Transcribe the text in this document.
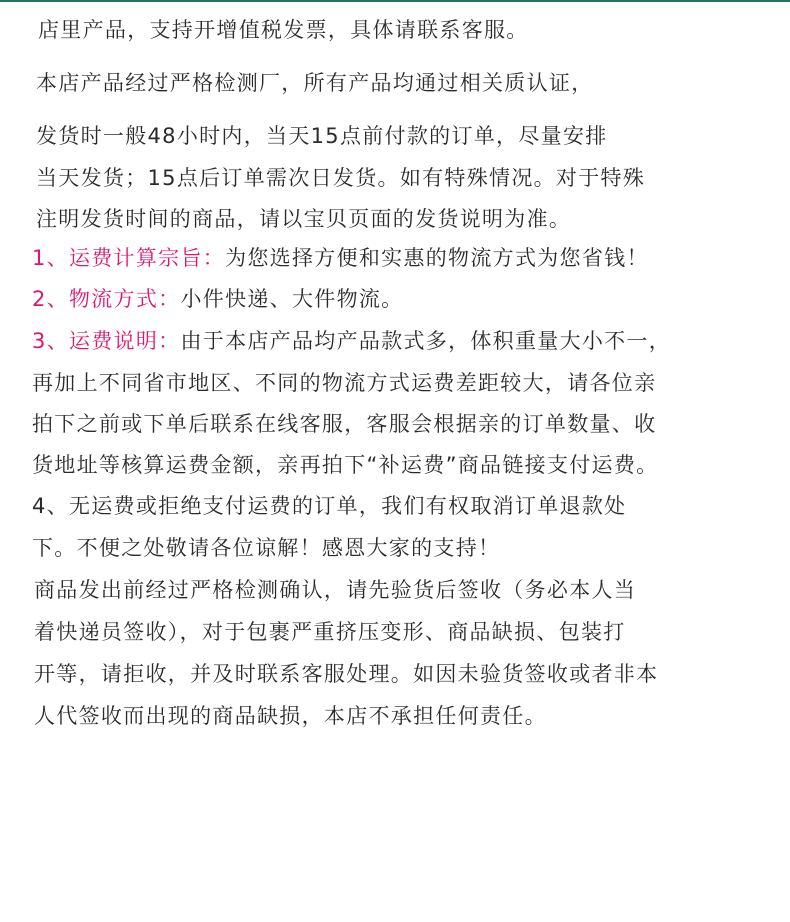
店里产品，支持开增值税发票，具体请联系客服。
本店产品经过严格检测厂，所有产品均通过相关质认证，
发货时一般48小时内，当天15点前付款的订单，尽量安排
当天发货；15点后订单需次日发货。如有特殊情况。对于特殊
注明发货时间的商品，请以宝贝页面的发货说明为准。
1、运费计算宗旨：为您选择方便和实惠的物流方式为您省钱！
2、物流方式：小件快递、大件物流。
3、运费说明：由于本店产品均产品款式多，体积重量大小不一，
再加上不同省市地区、不同的物流方式运费差距较大，请各位亲
拍下之前或下单后联系在线客服，客服会根据亲的订单数量、收
货地址等核算运费金额，亲再拍下“补运费”商品链接支付运费。
4、无运费或拒绝支付运费的订单，我们有权取消订单退款处
下。不便之处敬请各位谅解！感恩大家的支持！
商品发出前经过严格检测确认，请先验货后签收（务必本人当
着快递员签收），对于包裹严重挤压变形、商品缺损、包装打
开等，请拒收，并及时联系客服处理。如因未验货签收或者非本
人代签收而出现的商品缺损，本店不承担任何责任。
